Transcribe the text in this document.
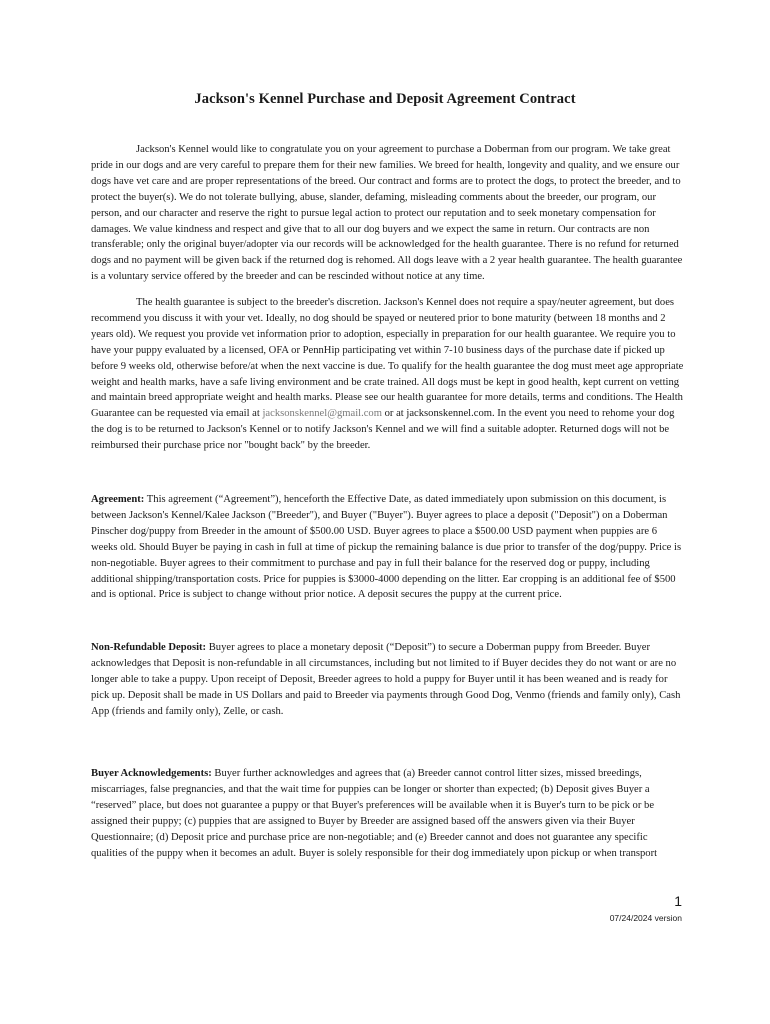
Jackson's Kennel Purchase and Deposit Agreement Contract

Jackson's Kennel would like to congratulate you on your agreement to purchase a Doberman from our program. We take great pride in our dogs and are very careful to prepare them for their new families. We breed for health, longevity and quality, and we ensure our dogs have vet care and are proper representations of the breed. Our contract and forms are to protect the dogs, to protect the breeder, and to protect the buyer(s). We do not tolerate bullying, abuse, slander, defaming, misleading comments about the breeder, our program, our person, and our character and reserve the right to pursue legal action to protect our reputation and to seek monetary compensation for damages. We value kindness and respect and give that to all our dog buyers and we expect the same in return. Our contracts are non transferable; only the original buyer/adopter via our records will be acknowledged for the health guarantee. There is no refund for returned dogs and no payment will be given back if the returned dog is rehomed. All dogs leave with a 2 year health guarantee. The health guarantee is a voluntary service offered by the breeder and can be rescinded without notice at any time.

The health guarantee is subject to the breeder's discretion. Jackson's Kennel does not require a spay/neuter agreement, but does recommend you discuss it with your vet. Ideally, no dog should be spayed or neutered prior to bone maturity (between 18 months and 2 years old). We request you provide vet information prior to adoption, especially in preparation for our health guarantee. We require you to have your puppy evaluated by a licensed, OFA or PennHip participating vet within 7-10 business days of the purchase date if picked up before 9 weeks old, otherwise before/at when the next vaccine is due. To qualify for the health guarantee the dog must meet age appropriate weight and health marks, have a safe living environment and be crate trained. All dogs must be kept in good health, kept current on vetting and maintain breed appropriate weight and health marks. Please see our health guarantee for more details, terms and conditions. The Health Guarantee can be requested via email at jacksonskennel@gmail.com or at jacksonskennel.com. In the event you need to rehome your dog the dog is to be returned to Jackson's Kennel or to notify Jackson's Kennel and we will find a suitable adopter. Returned dogs will not be reimbursed their purchase price nor "bought back" by the breeder.

Agreement: This agreement (“Agreement”), henceforth the Effective Date, as dated immediately upon submission on this document, is between Jackson's Kennel/Kalee Jackson ("Breeder"), and Buyer ("Buyer"). Buyer agrees to place a deposit ("Deposit") on a Doberman Pinscher dog/puppy from Breeder in the amount of $500.00 USD. Buyer agrees to place a $500.00 USD payment when puppies are 6 weeks old. Should Buyer be paying in cash in full at time of pickup the remaining balance is due prior to transfer of the dog/puppy. Price is non-negotiable. Buyer agrees to their commitment to purchase and pay in full their balance for the reserved dog or puppy, including additional shipping/transportation costs. Price for puppies is $3000-4000 depending on the litter. Ear cropping is an additional fee of $500 and is optional. Price is subject to change without prior notice. A deposit secures the puppy at the current price.

Non-Refundable Deposit: Buyer agrees to place a monetary deposit (“Deposit”) to secure a Doberman puppy from Breeder. Buyer acknowledges that Deposit is non-refundable in all circumstances, including but not limited to if Buyer decides they do not want or are no longer able to take a puppy. Upon receipt of Deposit, Breeder agrees to hold a puppy for Buyer until it has been weaned and is ready for pick up. Deposit shall be made in US Dollars and paid to Breeder via payments through Good Dog, Venmo (friends and family only), Cash App (friends and family only), Zelle, or cash.

Buyer Acknowledgements: Buyer further acknowledges and agrees that (a) Breeder cannot control litter sizes, missed breedings, miscarriages, false pregnancies, and that the wait time for puppies can be longer or shorter than expected; (b) Deposit gives Buyer a “reserved” place, but does not guarantee a puppy or that Buyer's preferences will be available when it is Buyer's turn to be pick or be assigned their puppy; (c) puppies that are assigned to Buyer by Breeder are assigned based off the answers given via their Buyer Questionnaire; (d) Deposit price and purchase price are non-negotiable; and (e) Breeder cannot and does not guarantee any specific qualities of the puppy when it becomes an adult. Buyer is solely responsible for their dog immediately upon pickup or when transport

1
07/24/2024 version
